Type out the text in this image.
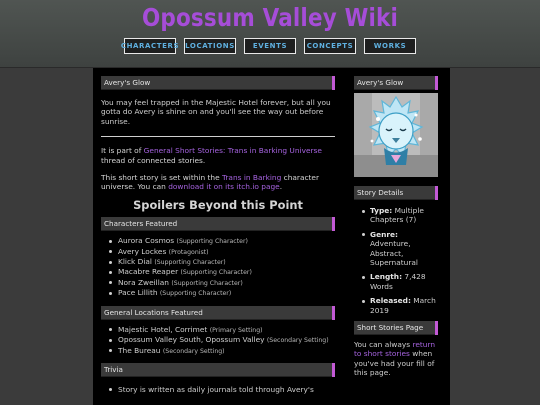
Opossum Valley Wiki
CHARACTERS LOCATIONS	EVENTS	CONCEPTS	WORKS
Avery's Glow

You may feel trapped in the Majestic Hotel forever, but all you gotta do Avery is shine on and you'll see the way out before sunrise.

It is part of General Short Stories: Trans in Barking Universe thread of connected stories.

This short story is set within the Trans in Barking character universe. You can download it on its itch.io page.

Spoilers Beyond this Point
Characters Featured
Aurora Cosmos (Supporting Character)
Avery Lockes (Protagonist)
Klick Dial (Supporting Character)
Macabre Reaper (Supporting Character)
Nora Zweillan (Supporting Character)
Pace Lillith (Supporting Character)
General Locations Featured
Majestic Hotel, Corrimet (Primary Setting)
Opossum Valley South, Opossum Valley (Secondary Setting)
The Bureau (Secondary Setting)
Trivia
Story is written as daily journals told through Avery's
Avery's Glow
Story Details
Type: Multiple Chapters (7)
Genre: Adventure, Abstract, Supernatural
Length: 7,428 Words
Released: March 2019
Short Stories Page

You can always return to short stories when you've had your fill of this page.
